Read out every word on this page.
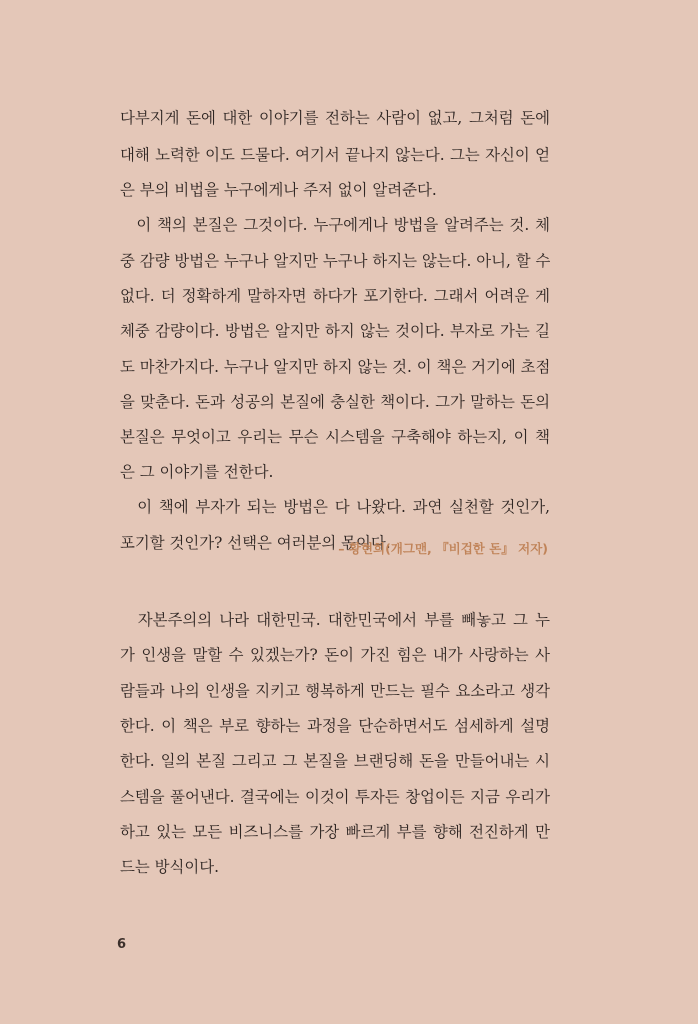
다부지게 돈에 대한 이야기를 전하는 사람이 없고, 그처럼 돈에
대해 노력한 이도 드물다. 여기서 끝나지 않는다. 그는 자신이 얻
은 부의 비법을 누구에게나 주저 없이 알려준다.
　이 책의 본질은 그것이다. 누구에게나 방법을 알려주는 것. 체
중 감량 방법은 누구나 알지만 누구나 하지는 않는다. 아니, 할 수
없다. 더 정확하게 말하자면 하다가 포기한다. 그래서 어려운 게
체중 감량이다. 방법은 알지만 하지 않는 것이다. 부자로 가는 길
도 마찬가지다. 누구나 알지만 하지 않는 것. 이 책은 거기에 초점
을 맞춘다. 돈과 성공의 본질에 충실한 책이다. 그가 말하는 돈의
본질은 무엇이고 우리는 무슨 시스템을 구축해야 하는지, 이 책
은 그 이야기를 전한다.
　이 책에 부자가 되는 방법은 다 나왔다. 과연 실천할 것인가,
포기할 것인가? 선택은 여러분의 몫이다.
– 황현희(개그맨, 『비겁한 돈』 저자)
　자본주의의 나라 대한민국. 대한민국에서 부를 빼놓고 그 누
가 인생을 말할 수 있겠는가? 돈이 가진 힘은 내가 사랑하는 사
람들과 나의 인생을 지키고 행복하게 만드는 필수 요소라고 생각
한다. 이 책은 부로 향하는 과정을 단순하면서도 섬세하게 설명
한다. 일의 본질 그리고 그 본질을 브랜딩해 돈을 만들어내는 시
스템을 풀어낸다. 결국에는 이것이 투자든 창업이든 지금 우리가
하고 있는 모든 비즈니스를 가장 빠르게 부를 향해 전진하게 만
드는 방식이다.
6
